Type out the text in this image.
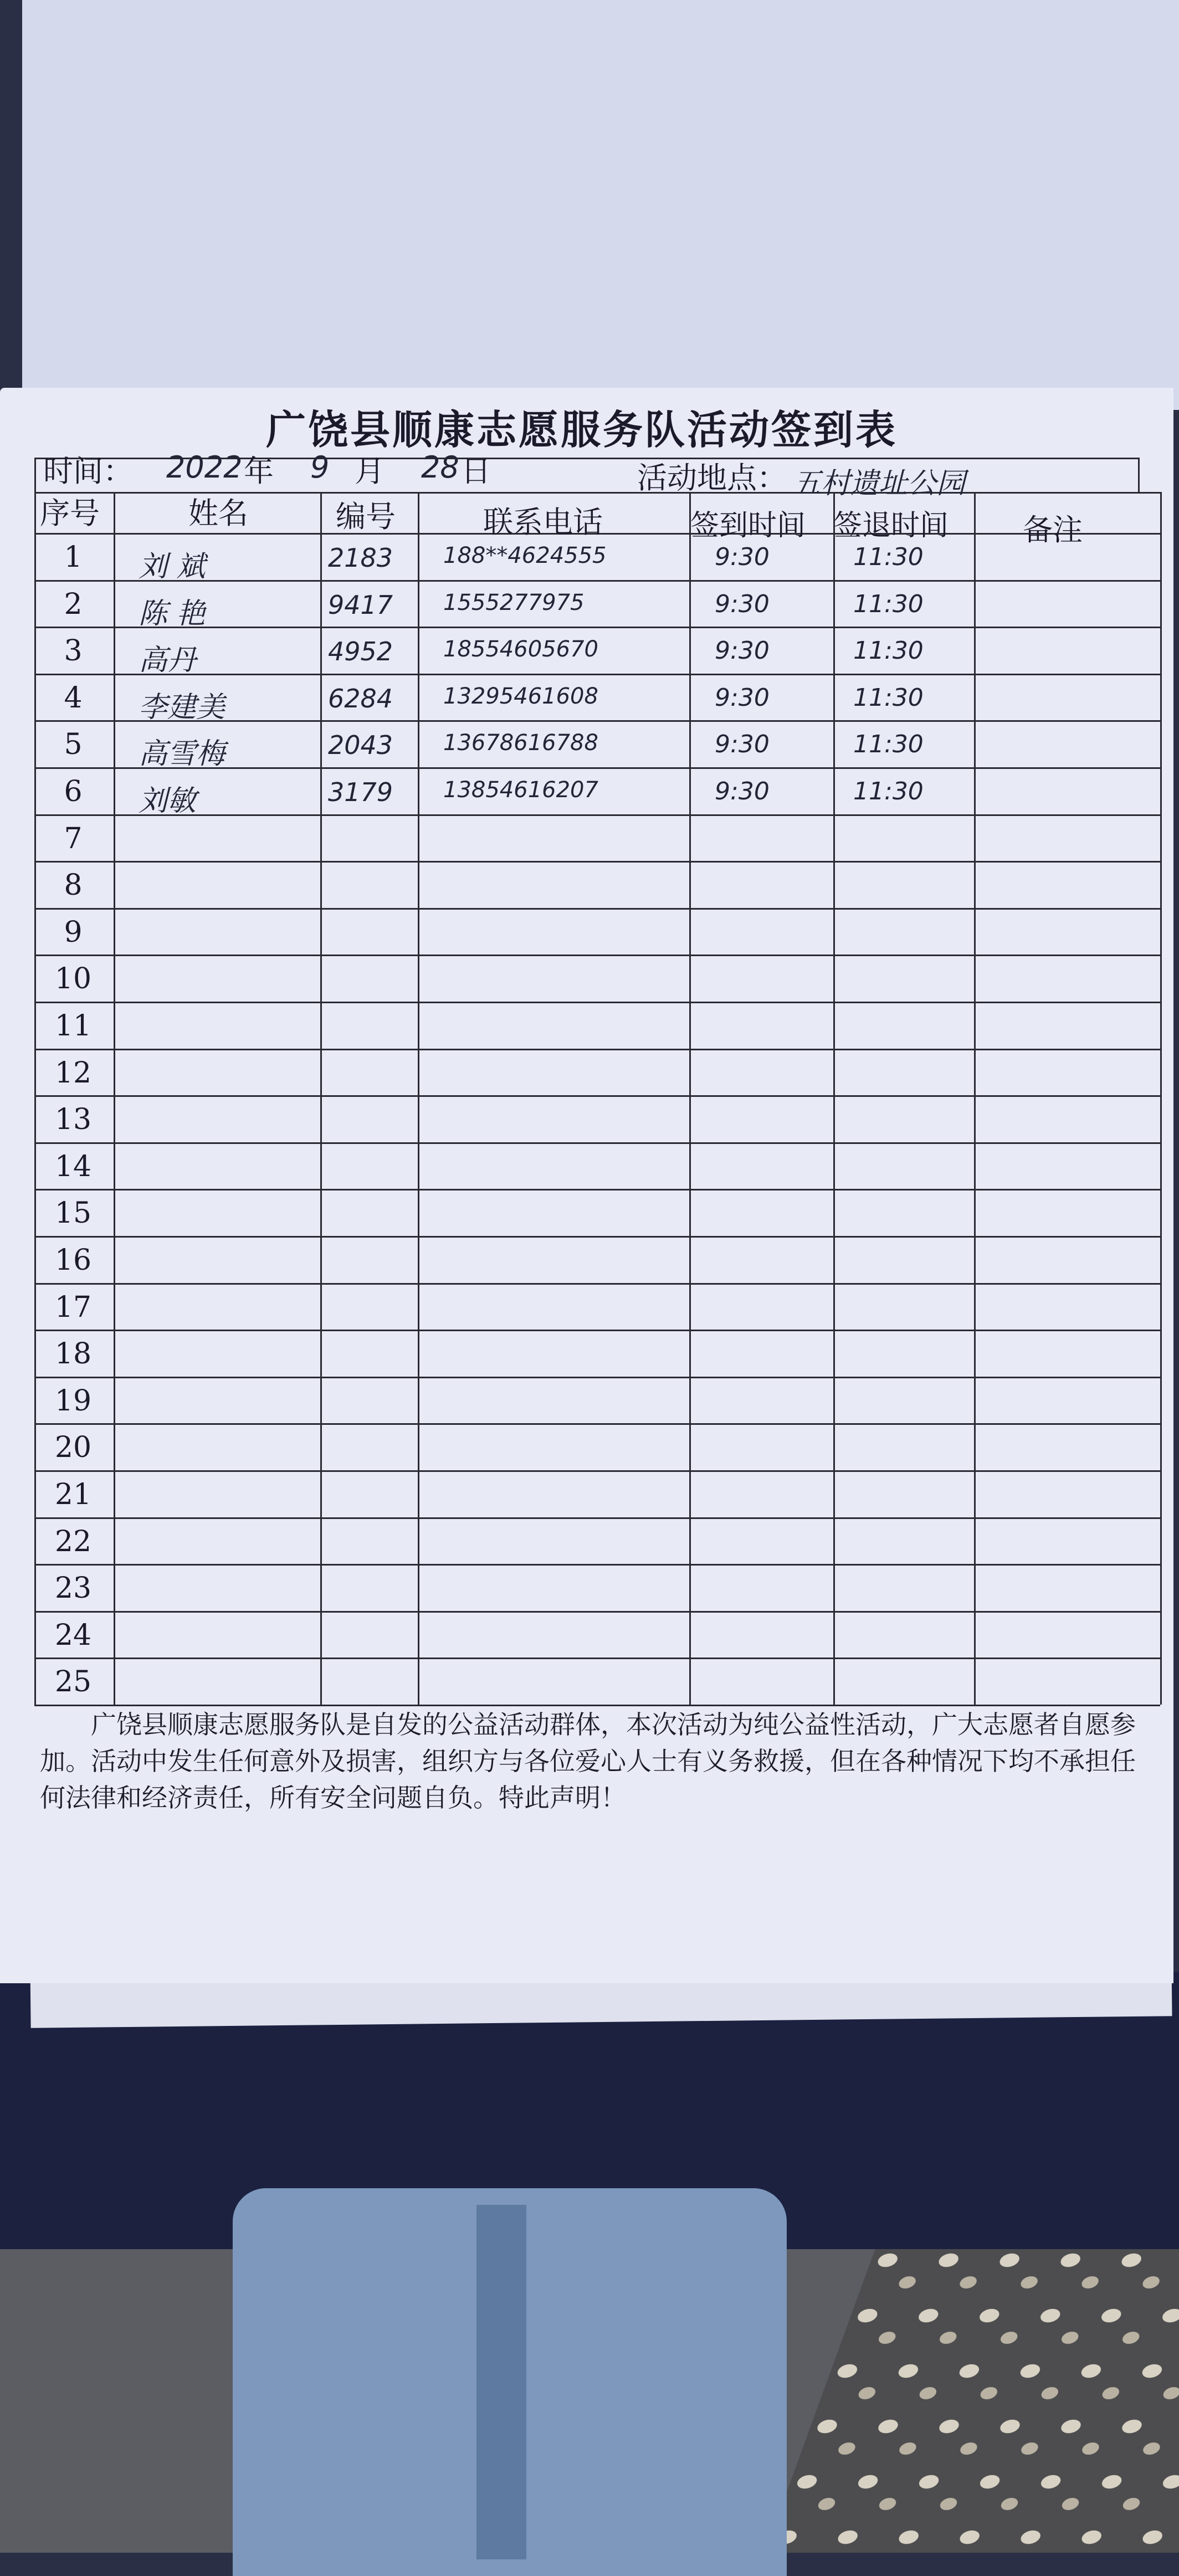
广饶县顺康志愿服务队活动签到表
1	刘 斌	2183 188**4624555	9:30	11:30
2	陈 艳	9417 1555277975	9:30	11:30
3	高丹	4952 18554605670	9:30	11:30
4	李建美	6284 13295461608	9:30	11:30
5	高雪梅	2043 13678616788	9:30	11:30
6	刘敏	3179 13854616207	9:30	11:30
7
8
9
10
11
12
13
14
15
16
17
18
19
20
21
22
23
24
25
时间： 2022 年 9 月 28 日	活动地点： 五村遗址公园
序号	姓名	编号	联系电话	签到时间 签退时间 备注
广饶县顺康志愿服务队是自发的公益活动群体，本次活动为纯公益性活动，广大志愿者自愿参加。活动中发生任何意外及损害，组织方与各位爱心人士有义务救援，但在各种情况下均不承担任何法律和经济责任，所有安全问题自负。特此声明！
